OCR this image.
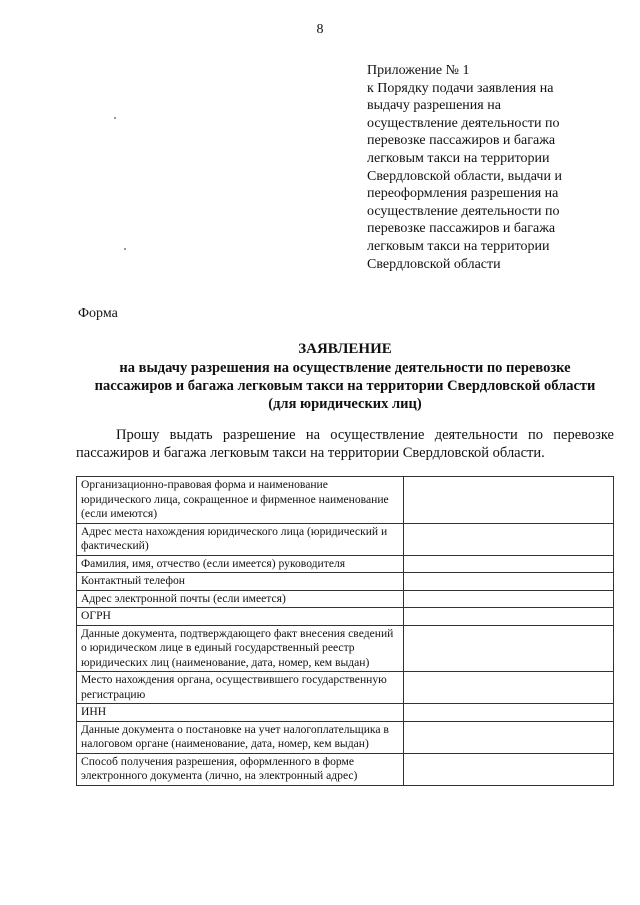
8
Приложение № 1
к Порядку подачи заявления на
выдачу разрешения на
осуществление деятельности по
перевозке пассажиров и багажа
легковым такси на территории
Свердловской области, выдачи и
переоформления разрешения на
осуществление деятельности по
перевозке пассажиров и багажа
легковым такси на территории
Свердловской области
Форма
ЗАЯВЛЕНИЕ
на выдачу разрешения на осуществление деятельности по перевозке
пассажиров и багажа легковым такси на территории Свердловской области
(для юридических лиц)
Прошу выдать разрешение на осуществление деятельности по перевозке
пассажиров и багажа легковым такси на территории Свердловской области.
Организационно-правовая форма и наименование юридического лица, сокращенное и фирменное наименование (если имеются)	
Адрес места нахождения юридического лица (юридический и фактический)	
Фамилия, имя, отчество (если имеется) руководителя	
Контактный телефон	
Адрес электронной почты (если имеется)	
ОГРН	
Данные документа, подтверждающего факт внесения сведений о юридическом лице в единый государственный реестр юридических лиц (наименование, дата, номер, кем выдан)	
Место нахождения органа, осуществившего государственную регистрацию	
ИНН	
Данные документа о постановке на учет налогоплательщика в налоговом органе (наименование, дата, номер, кем выдан)	
Способ получения разрешения, оформленного в форме электронного документа (лично, на электронный адрес)	
